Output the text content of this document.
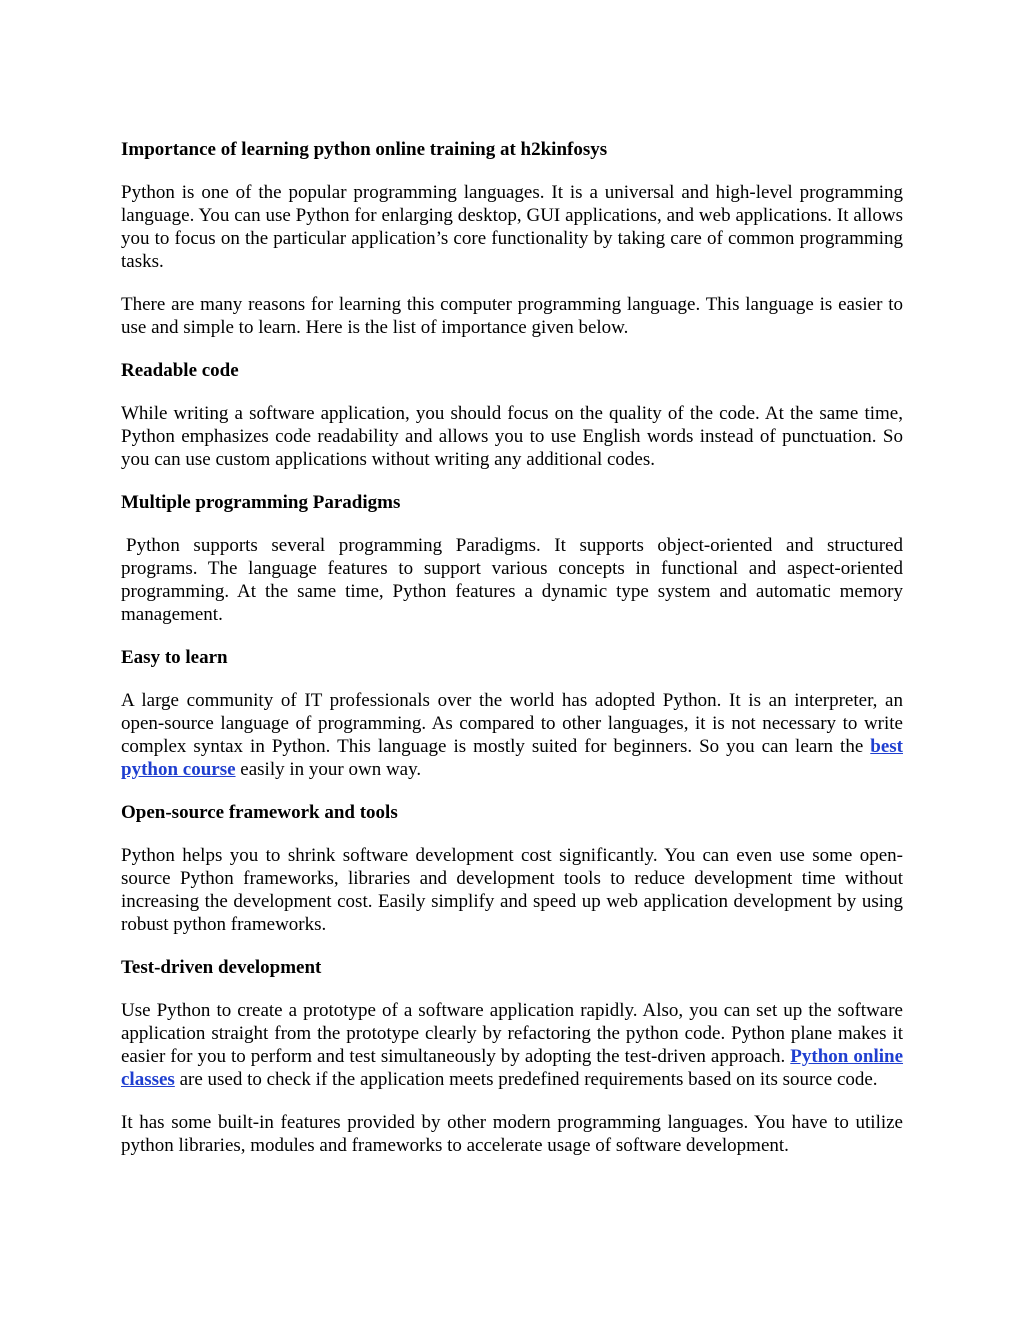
Importance of learning python online training at h2kinfosys

Python is one of the popular programming languages. It is a universal and high-level programming language. You can use Python for enlarging desktop, GUI applications, and web applications. It allows you to focus on the particular application’s core functionality by taking care of common programming tasks.

There are many reasons for learning this computer programming language. This language is easier to use and simple to learn. Here is the list of importance given below.

Readable code

While writing a software application, you should focus on the quality of the code. At the same time, Python emphasizes code readability and allows you to use English words instead of punctuation. So you can use custom applications without writing any additional codes.

Multiple programming Paradigms

Python supports several programming Paradigms. It supports object-oriented and structured programs. The language features to support various concepts in functional and aspect-oriented programming. At the same time, Python features a dynamic type system and automatic memory management.

Easy to learn

A large community of IT professionals over the world has adopted Python. It is an interpreter, an open-source language of programming. As compared to other languages, it is not necessary to write complex syntax in Python. This language is mostly suited for beginners. So you can learn the best python course easily in your own way.

Open-source framework and tools

Python helps you to shrink software development cost significantly. You can even use some open-source Python frameworks, libraries and development tools to reduce development time without increasing the development cost. Easily simplify and speed up web application development by using robust python frameworks.

Test-driven development

Use Python to create a prototype of a software application rapidly. Also, you can set up the software application straight from the prototype clearly by refactoring the python code. Python plane makes it easier for you to perform and test simultaneously by adopting the test-driven approach. Python online classes are used to check if the application meets predefined requirements based on its source code.

It has some built-in features provided by other modern programming languages. You have to utilize python libraries, modules and frameworks to accelerate usage of software development.
